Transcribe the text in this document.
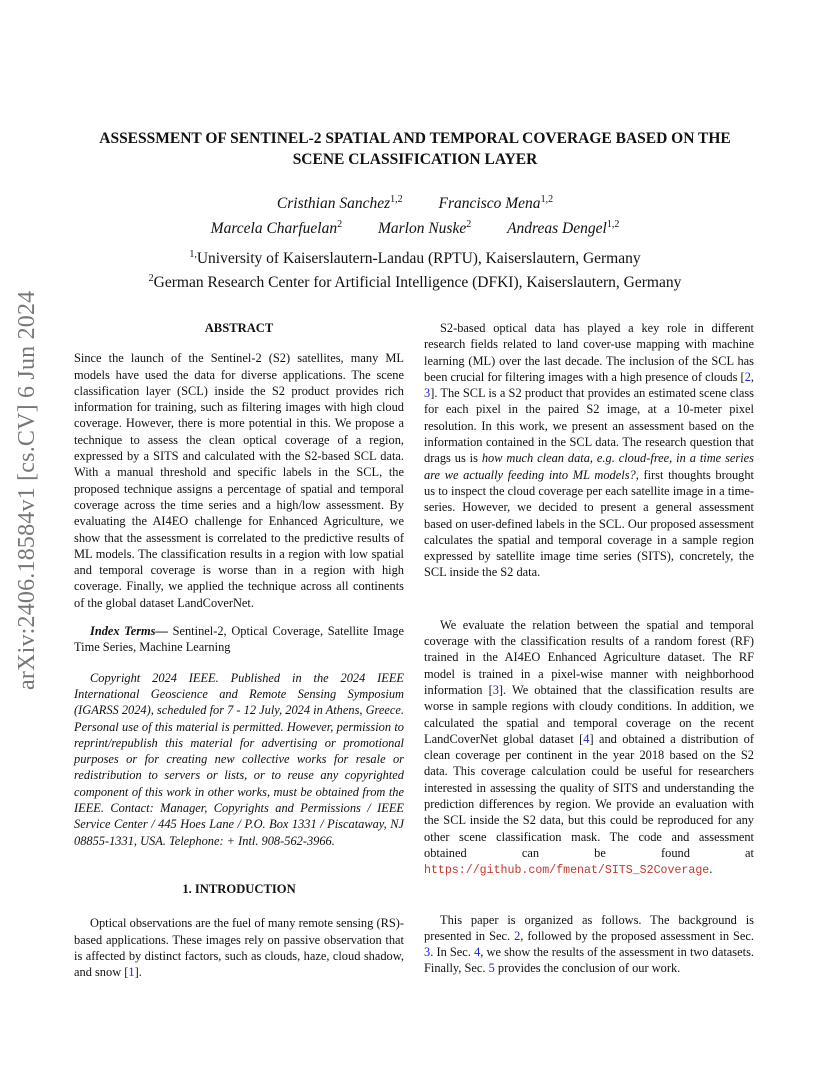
arXiv:2406.18584v1 [cs.CV] 6 Jun 2024
ASSESSMENT OF SENTINEL-2 SPATIAL AND TEMPORAL COVERAGE BASED ON THE
SCENE CLASSIFICATION LAYER
Cristhian Sanchez$^{1,2}$ Francisco Mena$^{1,2}$
Marcela Charfuelan$^2$ Marlon Nuske$^2$ Andreas Dengel$^{1,2}$
$^{1,}$University of Kaiserslautern-Landau (RPTU), Kaiserslautern, Germany
$^2$German Research Center for Artificial Intelligence (DFKI), Kaiserslautern, Germany
ABSTRACT

Since the launch of the Sentinel-2 (S2) satellites, many ML models have used the data for diverse applications. The scene classification layer (SCL) inside the S2 product provides rich information for training, such as filtering images with high cloud coverage. However, there is more potential in this. We propose a technique to assess the clean optical coverage of a region, expressed by a SITS and calculated with the S2-based SCL data. With a manual threshold and specific labels in the SCL, the proposed technique assigns a percentage of spatial and temporal coverage across the time series and a high/low assessment. By evaluating the AI4EO challenge for Enhanced Agriculture, we show that the assessment is correlated to the predictive results of ML models. The classification results in a region with low spatial and temporal coverage is worse than in a region with high coverage. Finally, we applied the technique across all continents of the global dataset LandCoverNet.

Index Terms— Sentinel-2, Optical Coverage, Satellite Image Time Series, Machine Learning

Copyright 2024 IEEE. Published in the 2024 IEEE International Geoscience and Remote Sensing Symposium (IGARSS 2024), scheduled for 7 - 12 July, 2024 in Athens, Greece. Personal use of this material is permitted. However, permission to reprint/republish this material for advertising or promotional purposes or for creating new collective works for resale or redistribution to servers or lists, or to reuse any copyrighted component of this work in other works, must be obtained from the IEEE. Contact: Manager, Copyrights and Permissions / IEEE Service Center / 445 Hoes Lane / P.O. Box 1331 / Piscataway, NJ 08855-1331, USA. Telephone: + Intl. 908-562-3966.

1. INTRODUCTION

Optical observations are the fuel of many remote sensing (RS)-based applications. These images rely on passive observation that is affected by distinct factors, such as clouds, haze, cloud shadow, and snow [1].

S2-based optical data has played a key role in different research fields related to land cover-use mapping with machine learning (ML) over the last decade. The inclusion of the SCL has been crucial for filtering images with a high presence of clouds [2, 3]. The SCL is a S2 product that provides an estimated scene class for each pixel in the paired S2 image, at a 10-meter pixel resolution. In this work, we present an assessment based on the information contained in the SCL data. The research question that drags us is how much clean data, e.g. cloud-free, in a time series are we actually feeding into ML models?, first thoughts brought us to inspect the cloud coverage per each satellite image in a time-series. However, we decided to present a general assessment based on user-defined labels in the SCL. Our proposed assessment calculates the spatial and temporal coverage in a sample region expressed by satellite image time series (SITS), concretely, the SCL inside the S2 data.

We evaluate the relation between the spatial and temporal coverage with the classification results of a random forest (RF) trained in the AI4EO Enhanced Agriculture dataset. The RF model is trained in a pixel-wise manner with neighborhood information [3]. We obtained that the classification results are worse in sample regions with cloudy conditions. In addition, we calculated the spatial and temporal coverage on the recent LandCoverNet global dataset [4] and obtained a distribution of clean coverage per continent in the year 2018 based on the S2 data. This coverage calculation could be useful for researchers interested in assessing the quality of SITS and understanding the prediction differences by region. We provide an evaluation with the SCL inside the S2 data, but this could be reproduced for any other scene classification mask. The code and assessment obtained can be found at https://github.com/fmenat/SITS_S2Coverage.

This paper is organized as follows. The background is presented in Sec. 2, followed by the proposed assessment in Sec. 3. In Sec. 4, we show the results of the assessment in two datasets. Finally, Sec. 5 provides the conclusion of our work.
